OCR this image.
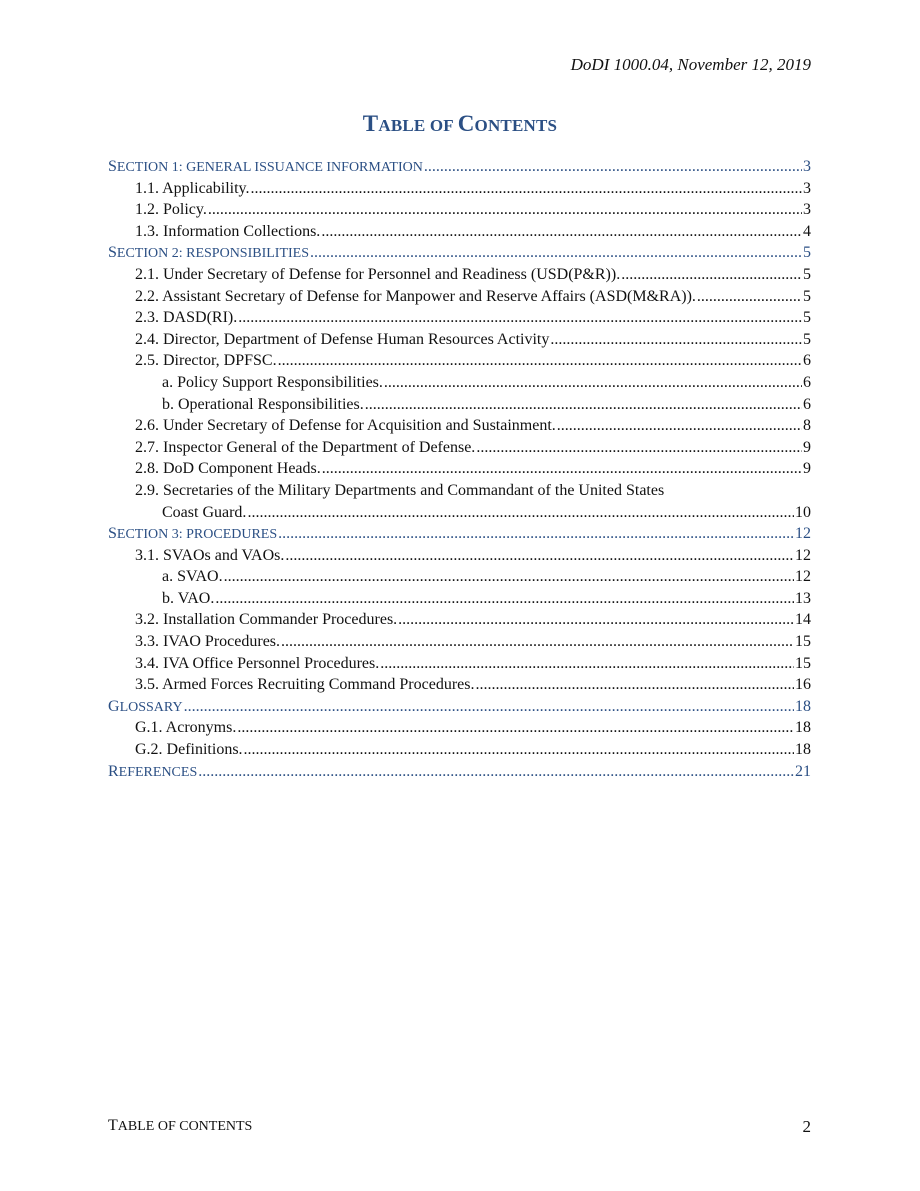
DoDI 1000.04, November 12, 2019
TABLE OF CONTENTS
SECTION 1: GENERAL ISSUANCE INFORMATION .....	3
1.1. Applicability. .....	3
1.2. Policy. .....	3
1.3. Information Collections. .....	4
SECTION 2: RESPONSIBILITIES .....	5
2.1. Under Secretary of Defense for Personnel and Readiness (USD(P&R)). .....	5
2.2. Assistant Secretary of Defense for Manpower and Reserve Affairs (ASD(M&RA)). .....	5
2.3. DASD(RI). .....	5
2.4. Director, Department of Defense Human Resources Activity .....	5
2.5. Director, DPFSC. .....	6
a. Policy Support Responsibilities. .....	6
b. Operational Responsibilities. .....	6
2.6. Under Secretary of Defense for Acquisition and Sustainment. .....	8
2.7. Inspector General of the Department of Defense. .....	9
2.8. DoD Component Heads. .....	9
2.9. Secretaries of the Military Departments and Commandant of the United States
Coast Guard. .....	10
SECTION 3: PROCEDURES .....	12
3.1. SVAOs and VAOs. .....	12
a. SVAO. .....	12
b. VAO. .....	13
3.2. Installation Commander Procedures. .....	14
3.3. IVAO Procedures. .....	15
3.4. IVA Office Personnel Procedures. .....	15
3.5. Armed Forces Recruiting Command Procedures. .....	16
GLOSSARY .....	18
G.1. Acronyms. .....	18
G.2. Definitions. .....	18
REFERENCES .....	21
TABLE OF CONTENTS	2
